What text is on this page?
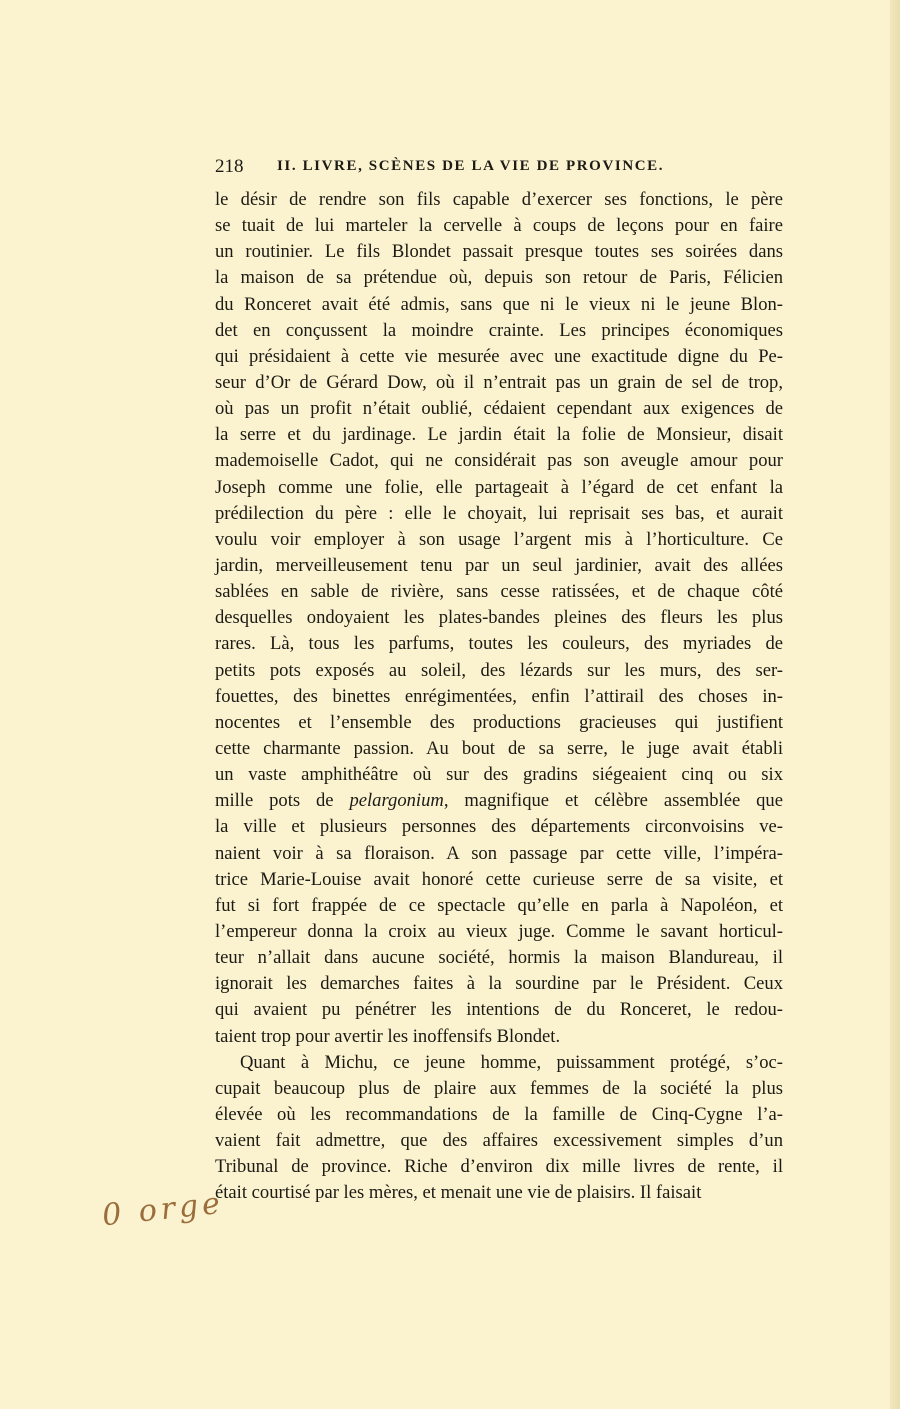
218 II. LIVRE, SCÈNES DE LA VIE DE PROVINCE.
le désir de rendre son fils capable d’exercer ses fonctions, le père
se tuait de lui marteler la cervelle à coups de leçons pour en faire
un routinier. Le fils Blondet passait presque toutes ses soirées dans
la maison de sa prétendue où, depuis son retour de Paris, Félicien
du Ronceret avait été admis, sans que ni le vieux ni le jeune Blon-
det en conçussent la moindre crainte. Les principes économiques
qui présidaient à cette vie mesurée avec une exactitude digne du Pe-
seur d’Or de Gérard Dow, où il n’entrait pas un grain de sel de trop,
où pas un profit n’était oublié, cédaient cependant aux exigences de
la serre et du jardinage. Le jardin était la folie de Monsieur, disait
mademoiselle Cadot, qui ne considérait pas son aveugle amour pour
Joseph comme une folie, elle partageait à l’égard de cet enfant la
prédilection du père : elle le choyait, lui reprisait ses bas, et aurait
voulu voir employer à son usage l’argent mis à l’horticulture. Ce
jardin, merveilleusement tenu par un seul jardinier, avait des allées
sablées en sable de rivière, sans cesse ratissées, et de chaque côté
desquelles ondoyaient les plates-bandes pleines des fleurs les plus
rares. Là, tous les parfums, toutes les couleurs, des myriades de
petits pots exposés au soleil, des lézards sur les murs, des ser-
fouettes, des binettes enrégimentées, enfin l’attirail des choses in-
nocentes et l’ensemble des productions gracieuses qui justifient
cette charmante passion. Au bout de sa serre, le juge avait établi
un vaste amphithéâtre où sur des gradins siégeaient cinq ou six
mille pots de pelargonium, magnifique et célèbre assemblée que
la ville et plusieurs personnes des départements circonvoisins ve-
naient voir à sa floraison. A son passage par cette ville, l’impéra-
trice Marie-Louise avait honoré cette curieuse serre de sa visite, et
fut si fort frappée de ce spectacle qu’elle en parla à Napoléon, et
l’empereur donna la croix au vieux juge. Comme le savant horticul-
teur n’allait dans aucune société, hormis la maison Blandureau, il
ignorait les demarches faites à la sourdine par le Président. Ceux
qui avaient pu pénétrer les intentions de du Ronceret, le redou-
taient trop pour avertir les inoffensifs Blondet.
Quant à Michu, ce jeune homme, puissamment protégé, s’oc-
cupait beaucoup plus de plaire aux femmes de la société la plus
élevée où les recommandations de la famille de Cinq-Cygne l’a-
vaient fait admettre, que des affaires excessivement simples d’un
Tribunal de province. Riche d’environ dix mille livres de rente, il
était courtisé par les mères, et menait une vie de plaisirs. Il faisait
0 orge
